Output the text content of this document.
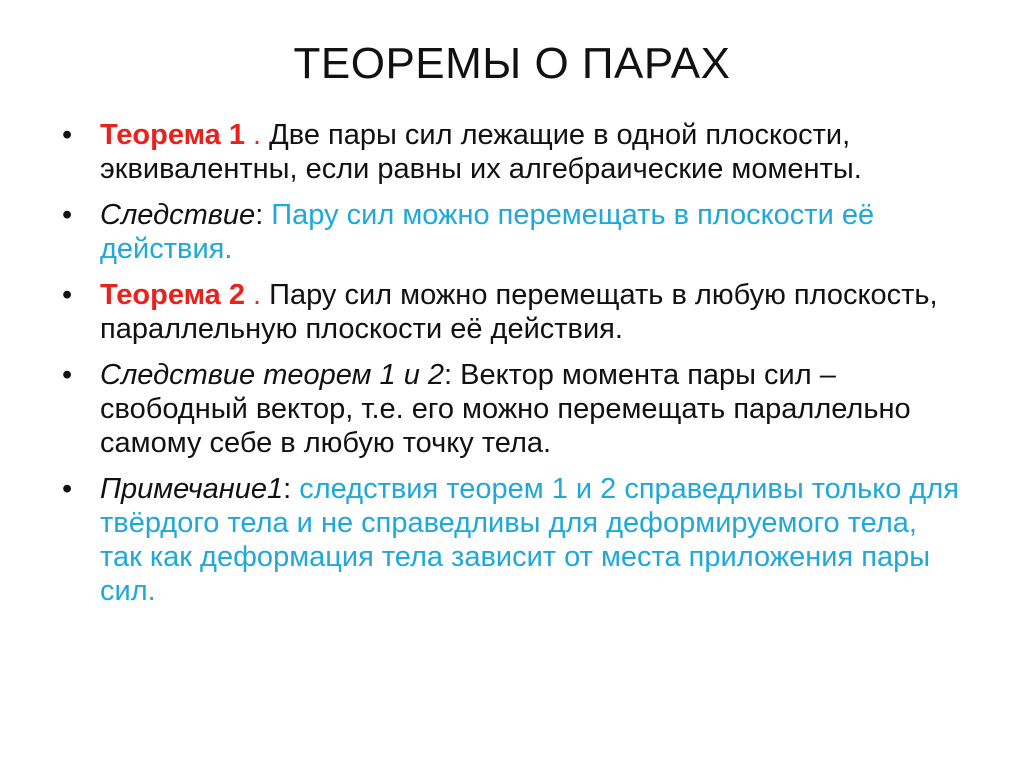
ТЕОРЕМЫ О ПАРАХ
• Теорема 1 . Две пары сил лежащие в одной плоскости, эквивалентны, если равны их алгебраические моменты.
• Следствие: Пару сил можно перемещать в плоскости её действия.
• Теорема 2 . Пару сил можно перемещать в любую плоскость, параллельную плоскости её действия.
• Следствие теорем 1 и 2: Вектор момента пары сил – свободный вектор, т.е. его можно перемещать параллельно самому себе в любую точку тела.
• Примечание1: следствия теорем 1 и 2 справедливы только для твёрдого тела и не справедливы для деформируемого тела, так как деформация тела зависит от места приложения пары сил.
